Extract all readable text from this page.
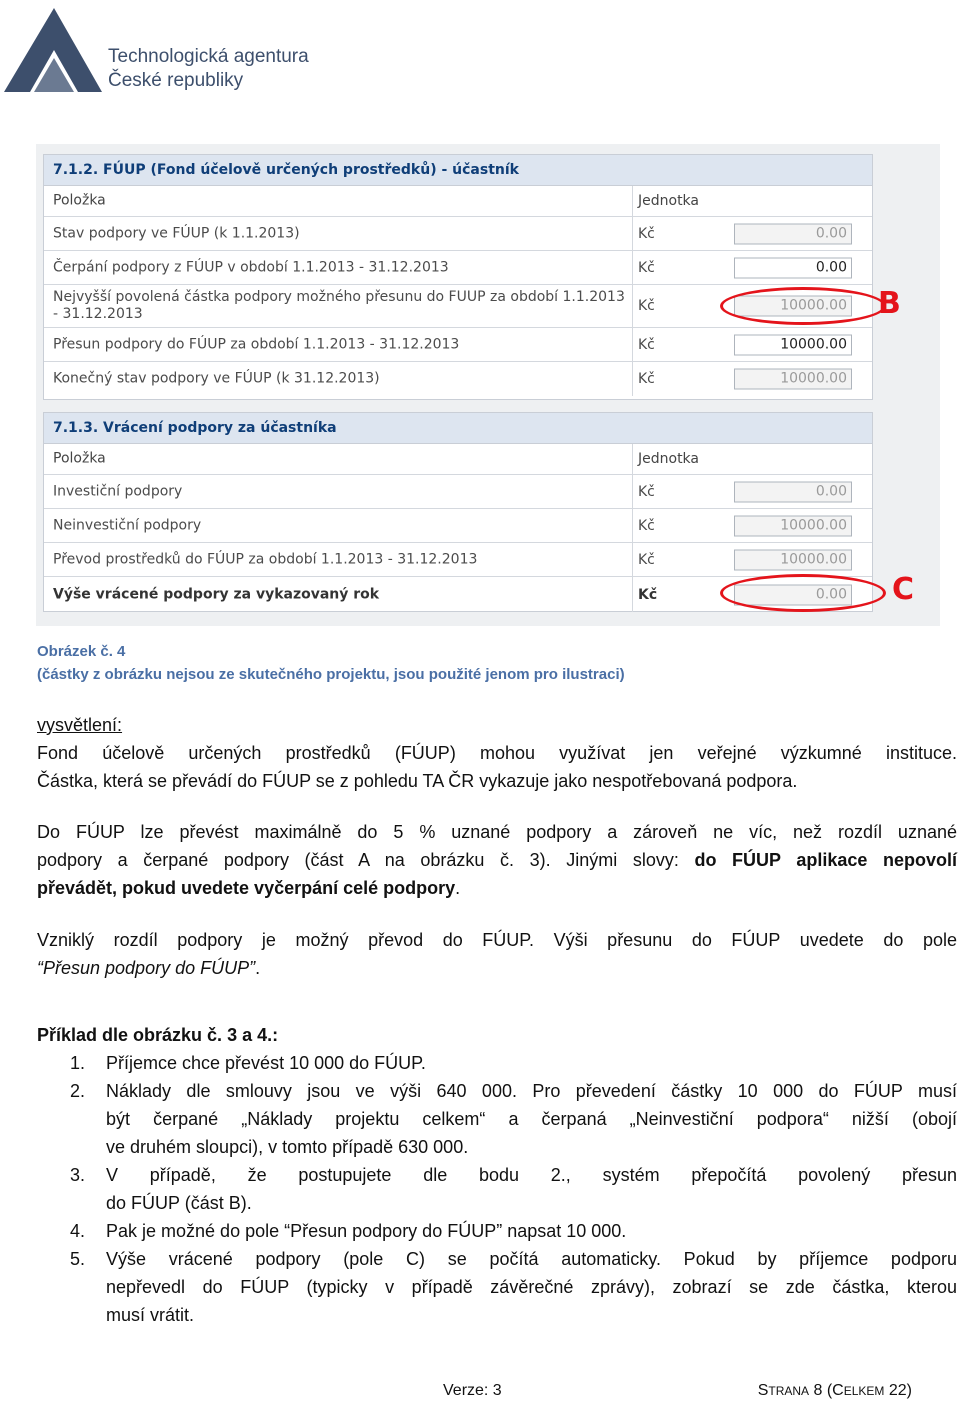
Technologická agentura
České republiky
7.1.2. FÚUP (Fond účelově určených prostředků) - účastník
Položka	Jednotka
Stav podpory ve FÚUP (k 1.1.2013)	Kč	0.00
Čerpání podpory z FÚUP v období 1.1.2013 - 31.12.2013	Kč	0.00
Nejvyšší povolená částka podpory možného přesunu do FUUP za období 1.1.2013 - 31.12.2013	Kč	10000.00
Přesun podpory do FÚUP za období 1.1.2013 - 31.12.2013	Kč	10000.00
Konečný stav podpory ve FÚUP (k 31.12.2013)	Kč	10000.00
7.1.3. Vrácení podpory za účastníka
Položka	Jednotka
Investiční podpory	Kč	0.00
Neinvestiční podpory	Kč	10000.00
Převod prostředků do FÚUP za období 1.1.2013 - 31.12.2013	Kč	10000.00
Výše vrácené podpory za vykazovaný rok	Kč	0.00
B
C
Obrázek č. 4
(částky z obrázku nejsou ze skutečného projektu, jsou použité jenom pro ilustraci)
vysvětlení:
Fond účelově určených prostředků (FÚUP) mohou využívat jen veřejné výzkumné instituce.
Částka, která se převádí do FÚUP se z pohledu TA ČR vykazuje jako nespotřebovaná podpora.
Do FÚUP lze převést maximálně do 5 % uznané podpory a zároveň ne víc, než rozdíl uznané
podpory a čerpané podpory (část A na obrázku č. 3). Jinými slovy: do FÚUP aplikace nepovolí
převádět, pokud uvedete vyčerpání celé podpory.
Vzniklý rozdíl podpory je možný převod do FÚUP. Výši přesunu do FÚUP uvedete do pole
“Přesun podpory do FÚUP”.
Příklad dle obrázku č. 3 a 4.:
1. Příjemce chce převést 10 000 do FÚUP.
2. Náklady dle smlouvy jsou ve výši 640 000. Pro převedení částky 10 000 do FÚUP musí
být čerpané „Náklady projektu celkem“ a čerpaná „Neinvestiční podpora“ nižší (obojí
ve druhém sloupci), v tomto případě 630 000.
3. V případě, že postupujete dle bodu 2., systém přepočítá povolený přesun
do FÚUP (část B).
4. Pak je možné do pole “Přesun podpory do FÚUP” napsat 10 000.
5. Výše vrácené podpory (pole C) se počítá automaticky. Pokud by příjemce podporu
nepřevedl do FÚUP (typicky v případě závěrečné zprávy), zobrazí se zde částka, kterou
musí vrátit.
Verze: 3	STRANA 8 (CELKEM 22)
